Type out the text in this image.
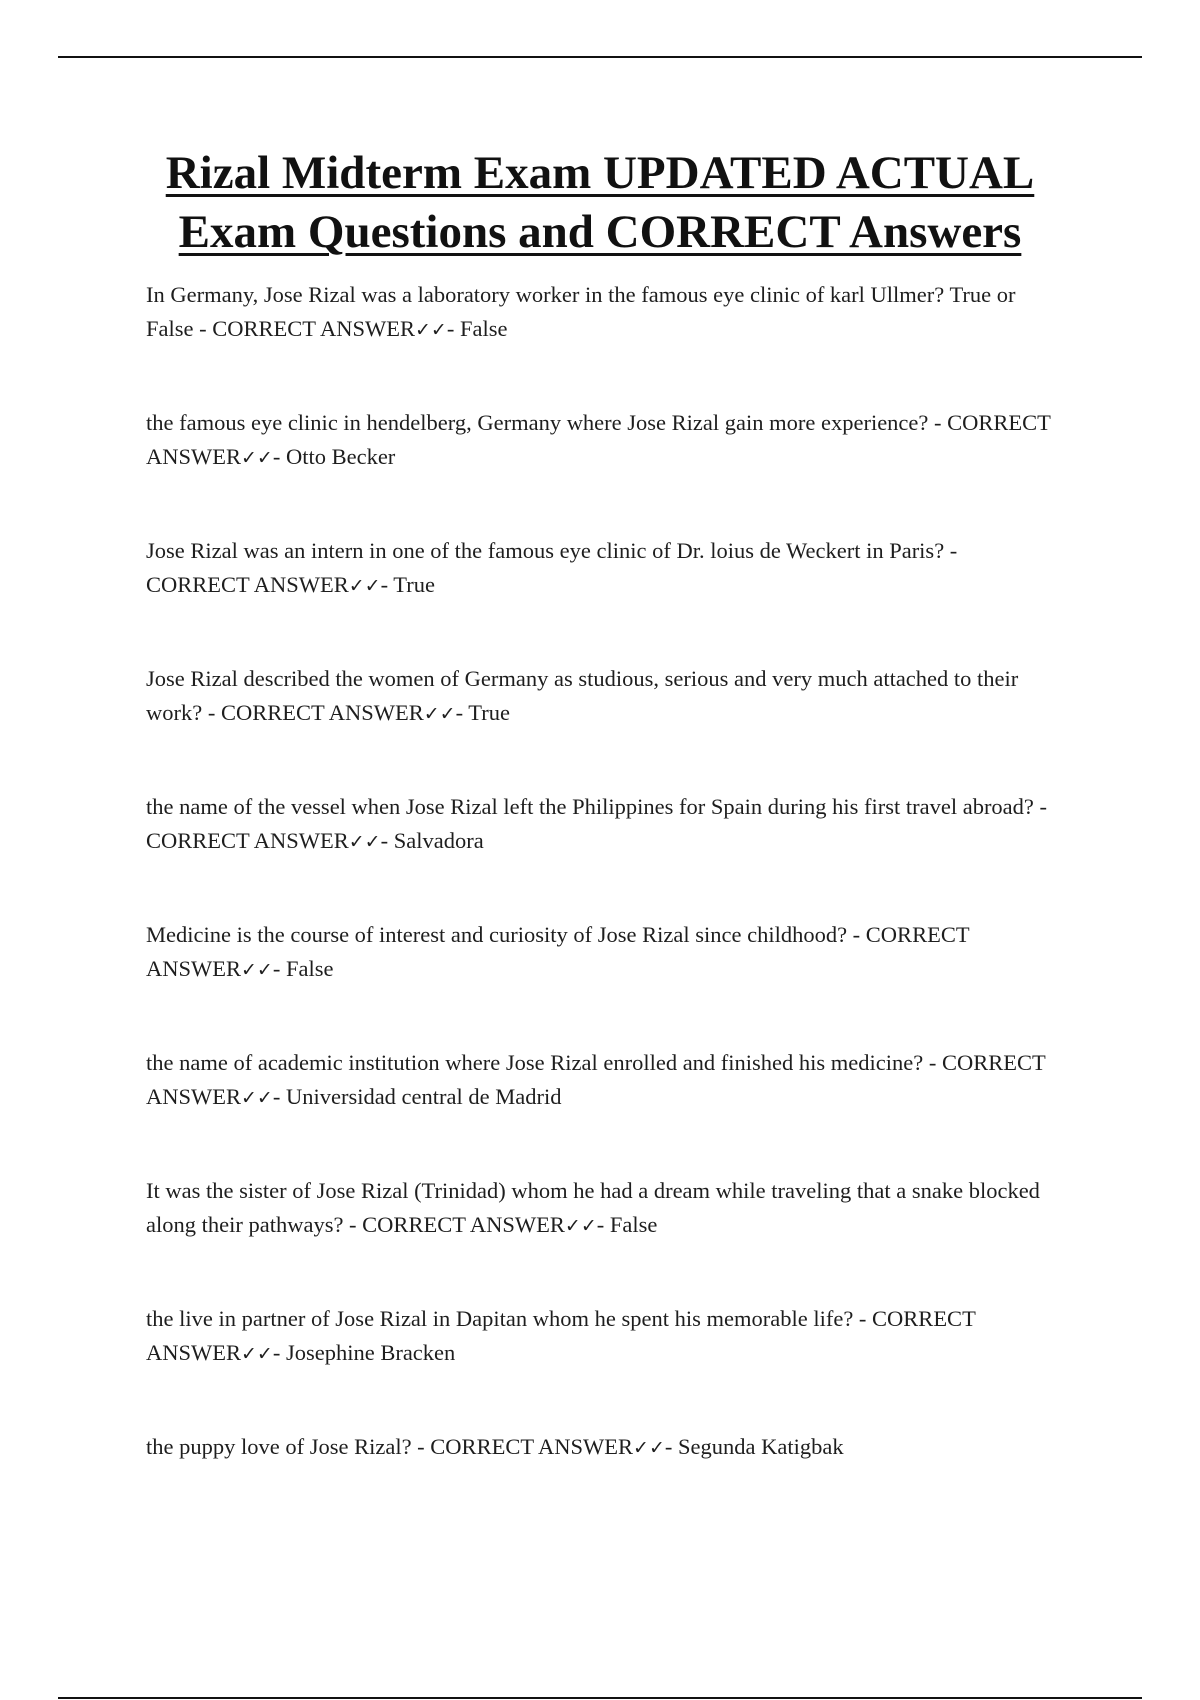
Rizal Midterm Exam UPDATED ACTUAL
Exam Questions and CORRECT Answers
In Germany, Jose Rizal was a laboratory worker in the famous eye clinic of karl Ullmer? True or False - CORRECT ANSWER✓✓- False
the famous eye clinic in hendelberg, Germany where Jose Rizal gain more experience? - CORRECT ANSWER✓✓- Otto Becker
Jose Rizal was an intern in one of the famous eye clinic of Dr. loius de Weckert in Paris? - CORRECT ANSWER✓✓- True
Jose Rizal described the women of Germany as studious, serious and very much attached to their work? - CORRECT ANSWER✓✓- True
the name of the vessel when Jose Rizal left the Philippines for Spain during his first travel abroad? - CORRECT ANSWER✓✓- Salvadora
Medicine is the course of interest and curiosity of Jose Rizal since childhood? - CORRECT ANSWER✓✓- False
the name of academic institution where Jose Rizal enrolled and finished his medicine? - CORRECT ANSWER✓✓- Universidad central de Madrid
It was the sister of Jose Rizal (Trinidad) whom he had a dream while traveling that a snake blocked along their pathways? - CORRECT ANSWER✓✓- False
the live in partner of Jose Rizal in Dapitan whom he spent his memorable life? - CORRECT ANSWER✓✓- Josephine Bracken
the puppy love of Jose Rizal? - CORRECT ANSWER✓✓- Segunda Katigbak
